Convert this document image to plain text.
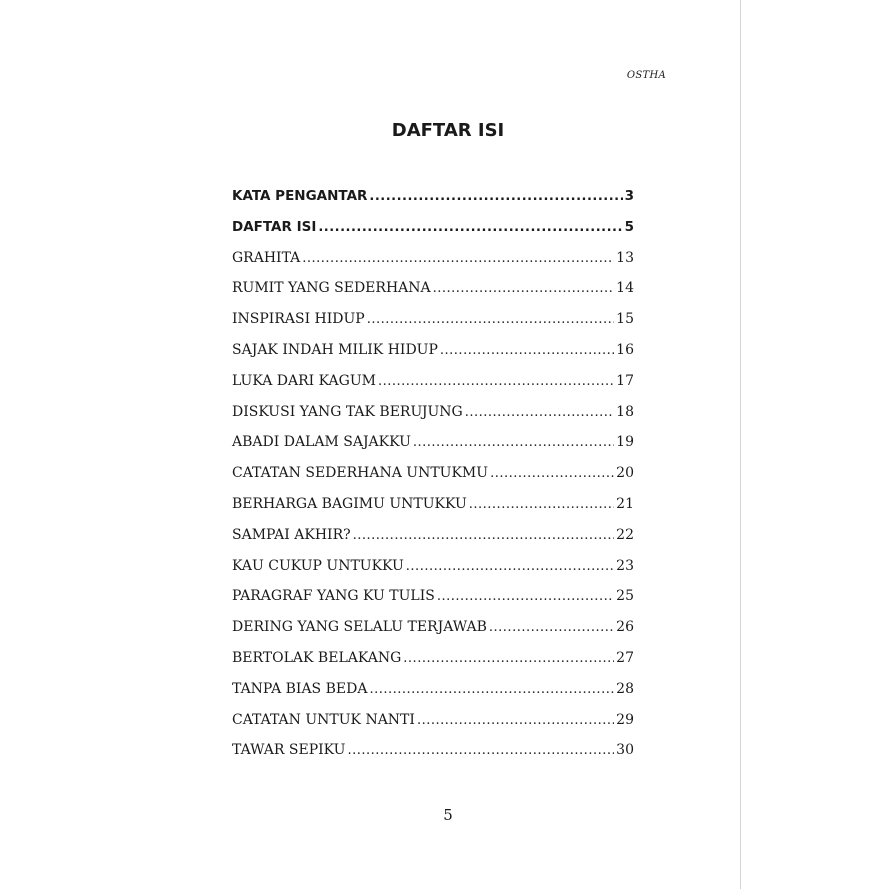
OSTHA
DAFTAR ISI
KATA PENGANTAR .....	3
DAFTAR ISI .....	5
GRAHITA .....	13
RUMIT YANG SEDERHANA .....	14
INSPIRASI HIDUP .....	15
SAJAK INDAH MILIK HIDUP .....	16
LUKA DARI KAGUM .....	17
DISKUSI YANG TAK BERUJUNG .....	18
ABADI DALAM SAJAKKU .....	19
CATATAN SEDERHANA UNTUKMU .....	20
BERHARGA BAGIMU UNTUKKU .....	21
SAMPAI AKHIR? .....	22
KAU CUKUP UNTUKKU .....	23
PARAGRAF YANG KU TULIS .....	25
DERING YANG SELALU TERJAWAB .....	26
BERTOLAK BELAKANG .....	27
TANPA BIAS BEDA .....	28
CATATAN UNTUK NANTI .....	29
TAWAR SEPIKU .....	30
5
